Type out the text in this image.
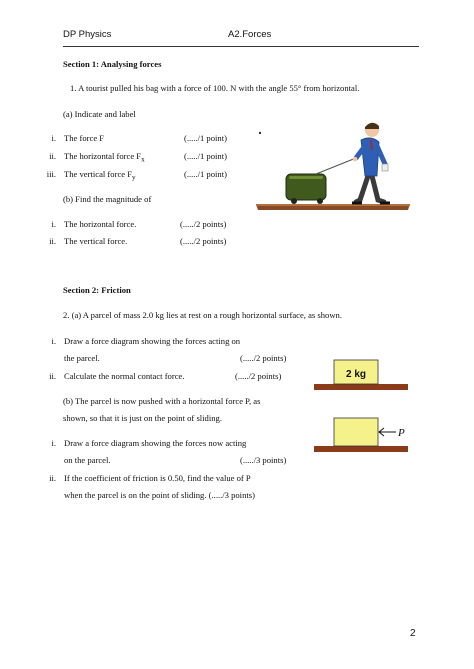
DP Physics	A2.Forces
Section 1: Analysing forces
1. A tourist pulled his bag with a force of 100. N with the angle 55° from horizontal.
(a) Indicate and label
i. The force F	(...../1 point)
ii. The horizontal force $F_x$	(...../1 point)
iii. The vertical force $F_y$	(...../1 point)
(b) Find the magnitude of
i. The horizontal force.	(...../2 points)
ii. The vertical force.	(...../2 points)
Section 2: Friction
2. (a) A parcel of mass 2.0 kg lies at rest on a rough horizontal surface, as shown.
i. Draw a force diagram showing the forces acting on
the parcel.	(...../2 points)
ii. Calculate the normal contact force.	(...../2 points)
(b) The parcel is now pushed with a horizontal force P, as
shown, so that it is just on the point of sliding.
i. Draw a force diagram showing the forces now acting
on the parcel.	(...../3 points)
ii. If the coefficient of friction is 0.50, find the value of P
when the parcel is on the point of sliding. (...../3 points)
2 kg
P
2
